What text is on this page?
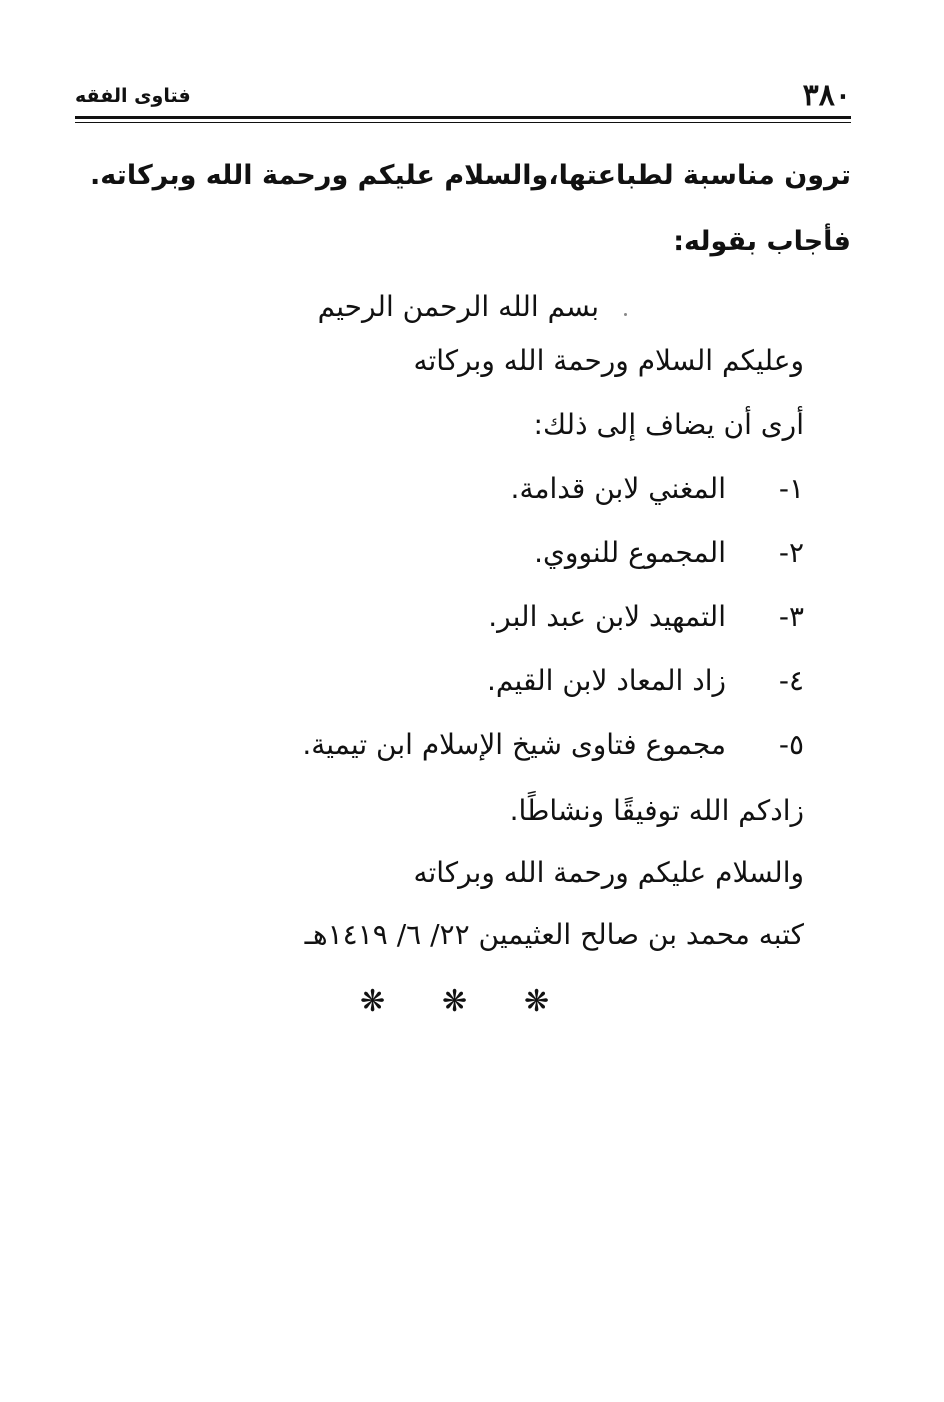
٣٨٠
فتاوى الفقه
ترون مناسبة لطباعتها،والسلام عليكم ورحمة الله وبركاته.
فأجاب بقوله:
بسم الله الرحمن الرحيم
وعليكم السلام ورحمة الله وبركاته
أرى أن يضاف إلى ذلك:
١-
المغني لابن قدامة.
٢-
المجموع للنووي.
٣-
التمهيد لابن عبد البر.
٤-
زاد المعاد لابن القيم.
٥-
مجموع فتاوى شيخ الإسلام ابن تيمية.
زادكم الله توفيقًا ونشاطًا.
والسلام عليكم ورحمة الله وبركاته
كتبه محمد بن صالح العثيمين ٢٢/ ٦/ ١٤١٩هـ
❋ ❋ ❋
